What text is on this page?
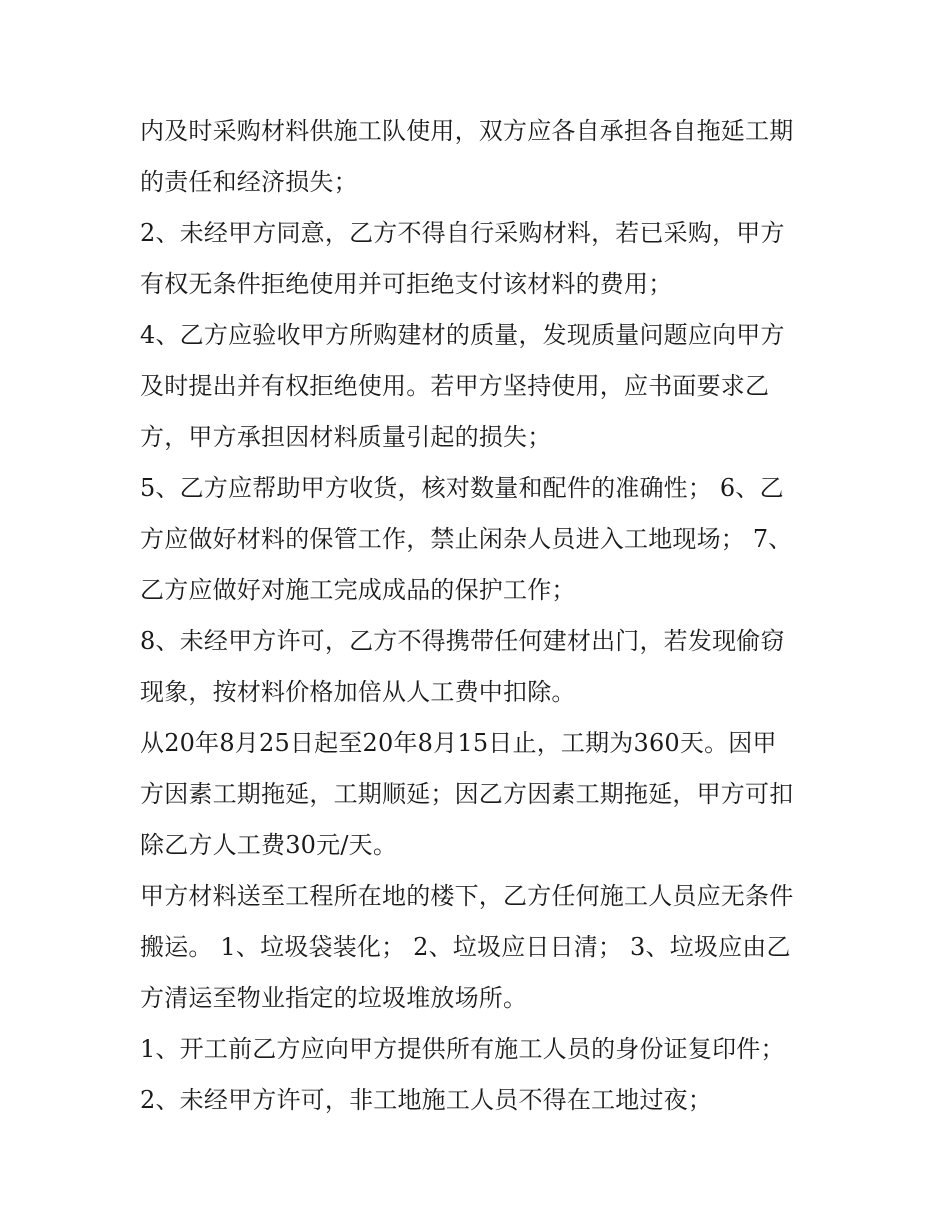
内及时采购材料供施工队使用，双方应各自承担各自拖延工期
的责任和经济损失；
2、未经甲方同意，乙方不得自行采购材料，若已采购，甲方
有权无条件拒绝使用并可拒绝支付该材料的费用；
4、乙方应验收甲方所购建材的质量，发现质量问题应向甲方
及时提出并有权拒绝使用。若甲方坚持使用，应书面要求乙
方，甲方承担因材料质量引起的损失；
5、乙方应帮助甲方收货，核对数量和配件的准确性； 6、乙
方应做好材料的保管工作，禁止闲杂人员进入工地现场； 7、
乙方应做好对施工完成成品的保护工作；
8、未经甲方许可，乙方不得携带任何建材出门，若发现偷窃
现象，按材料价格加倍从人工费中扣除。
从20年8月25日起至20年8月15日止，工期为360天。因甲
方因素工期拖延，工期顺延；因乙方因素工期拖延，甲方可扣
除乙方人工费30元/天。
甲方材料送至工程所在地的楼下，乙方任何施工人员应无条件
搬运。 1、垃圾袋装化； 2、垃圾应日日清； 3、垃圾应由乙
方清运至物业指定的垃圾堆放场所。
1、开工前乙方应向甲方提供所有施工人员的身份证复印件；
2、未经甲方许可，非工地施工人员不得在工地过夜；
